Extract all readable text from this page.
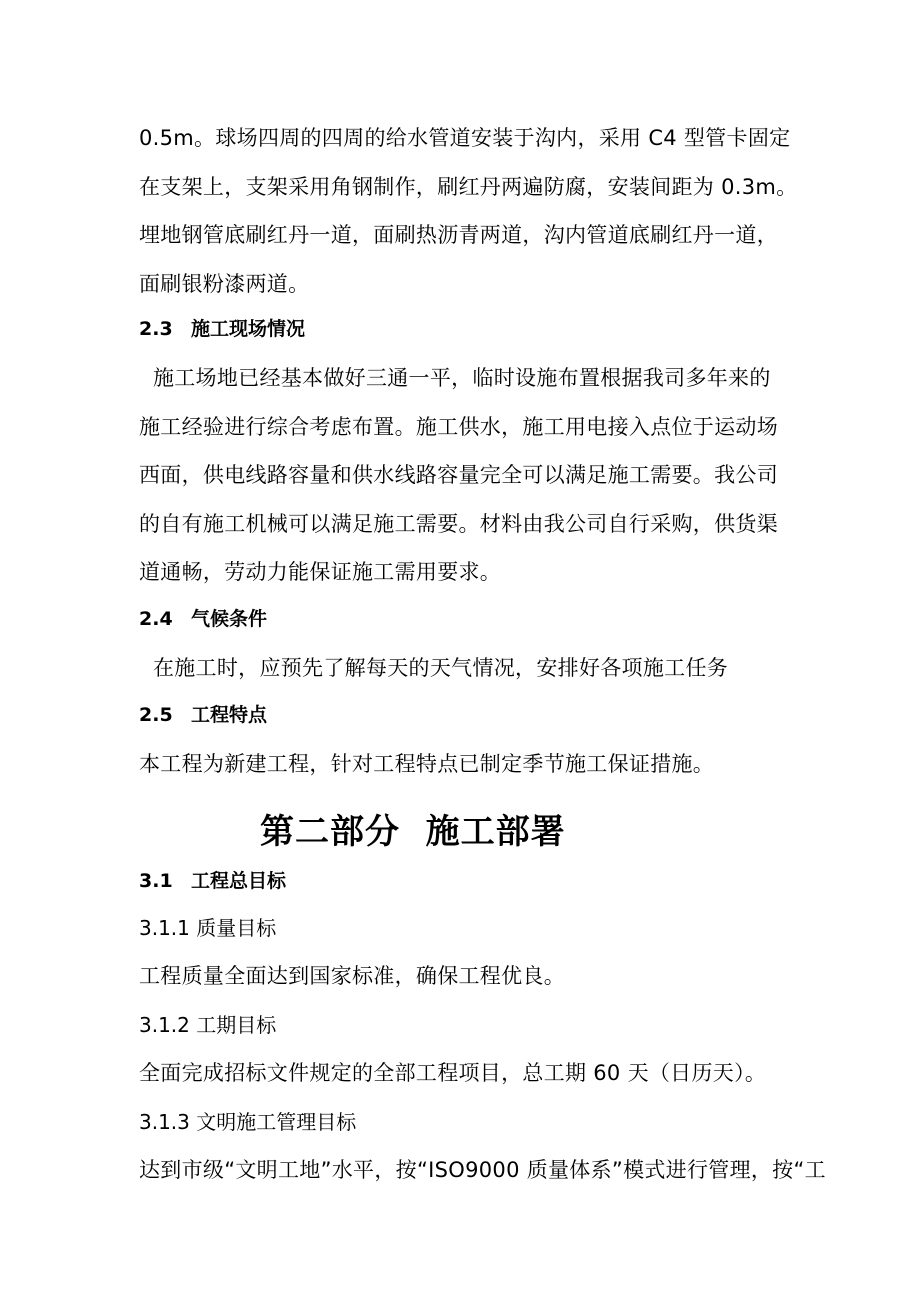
0.5m。球场四周的四周的给水管道安装于沟内，采用 C4 型管卡固定
在支架上，支架采用角钢制作，刷红丹两遍防腐，安装间距为 0.3m。
埋地钢管底刷红丹一道，面刷热沥青两道，沟内管道底刷红丹一道，
面刷银粉漆两道。

2.3 施工现场情况

施工场地已经基本做好三通一平，临时设施布置根据我司多年来的
施工经验进行综合考虑布置。施工供水，施工用电接入点位于运动场
西面，供电线路容量和供水线路容量完全可以满足施工需要。我公司
的自有施工机械可以满足施工需要。材料由我公司自行采购，供货渠
道通畅，劳动力能保证施工需用要求。

2.4 气候条件

在施工时，应预先了解每天的天气情况，安排好各项施工任务

2.5 工程特点

本工程为新建工程，针对工程特点已制定季节施工保证措施。

第二部分  施工部署

3.1 工程总目标

3.1.1 质量目标

工程质量全面达到国家标准，确保工程优良。

3.1.2 工期目标

全面完成招标文件规定的全部工程项目，总工期 60 天（日历天）。

3.1.3 文明施工管理目标

达到市级“文明工地”水平，按“ISO9000 质量体系”模式进行管理，按“工
